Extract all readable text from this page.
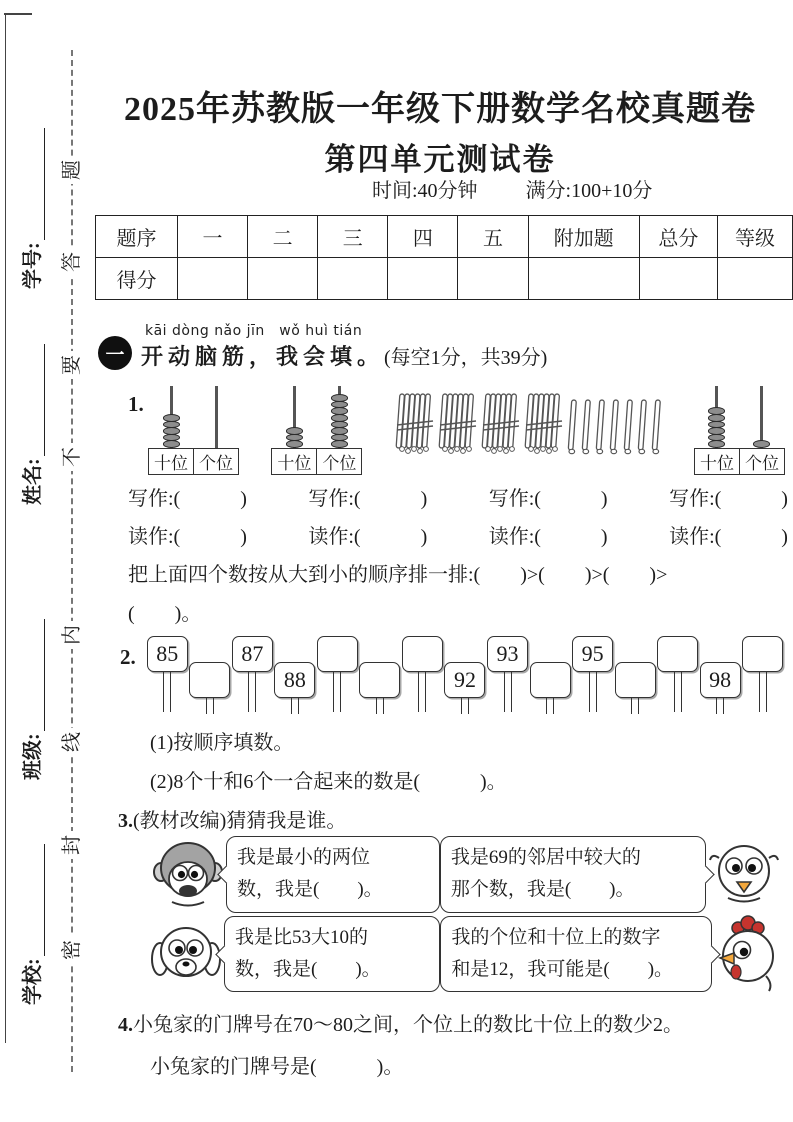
学号:
姓名:
班级:
学校:
题
答
要
不
内
线
封
密
2025年苏教版一年级下册数学名校真题卷
第四单元测试卷
时间:40分钟 满分:100+10分
题序	一	二	三	四	五	附加题	总分	等级
得分								
一
kāi dòng nǎo jīn　wǒ huì tián
开动脑筋，我会填。 (每空1分，共39分)
1.
十位 个位	十位 个位	十位 个位
写作:(　　　)	写作:(　　　)	写作:(　　　)	写作:(　　　)
读作:(　　　)	读作:(　　　)	读作:(　　　)	读作:(　　　)
把上面四个数按从大到小的顺序排一排:(　　)>(　　)>(　　)>
(　　)。
2. 85	87
88	92
93	95
98
(1)按顺序填数。
(2)8个十和6个一合起来的数是(　　　)。
3.(教材改编)猜猜我是谁。
我是最小的两位
数，我是(　　)。
我是69的邻居中较大的
那个数，我是(　　)。
我是比53大10的
数，我是(　　)。
我的个位和十位上的数字
和是12，我可能是(　　)。
4.小兔家的门牌号在70～80之间，个位上的数比十位上的数少2。
小兔家的门牌号是(　　　)。
